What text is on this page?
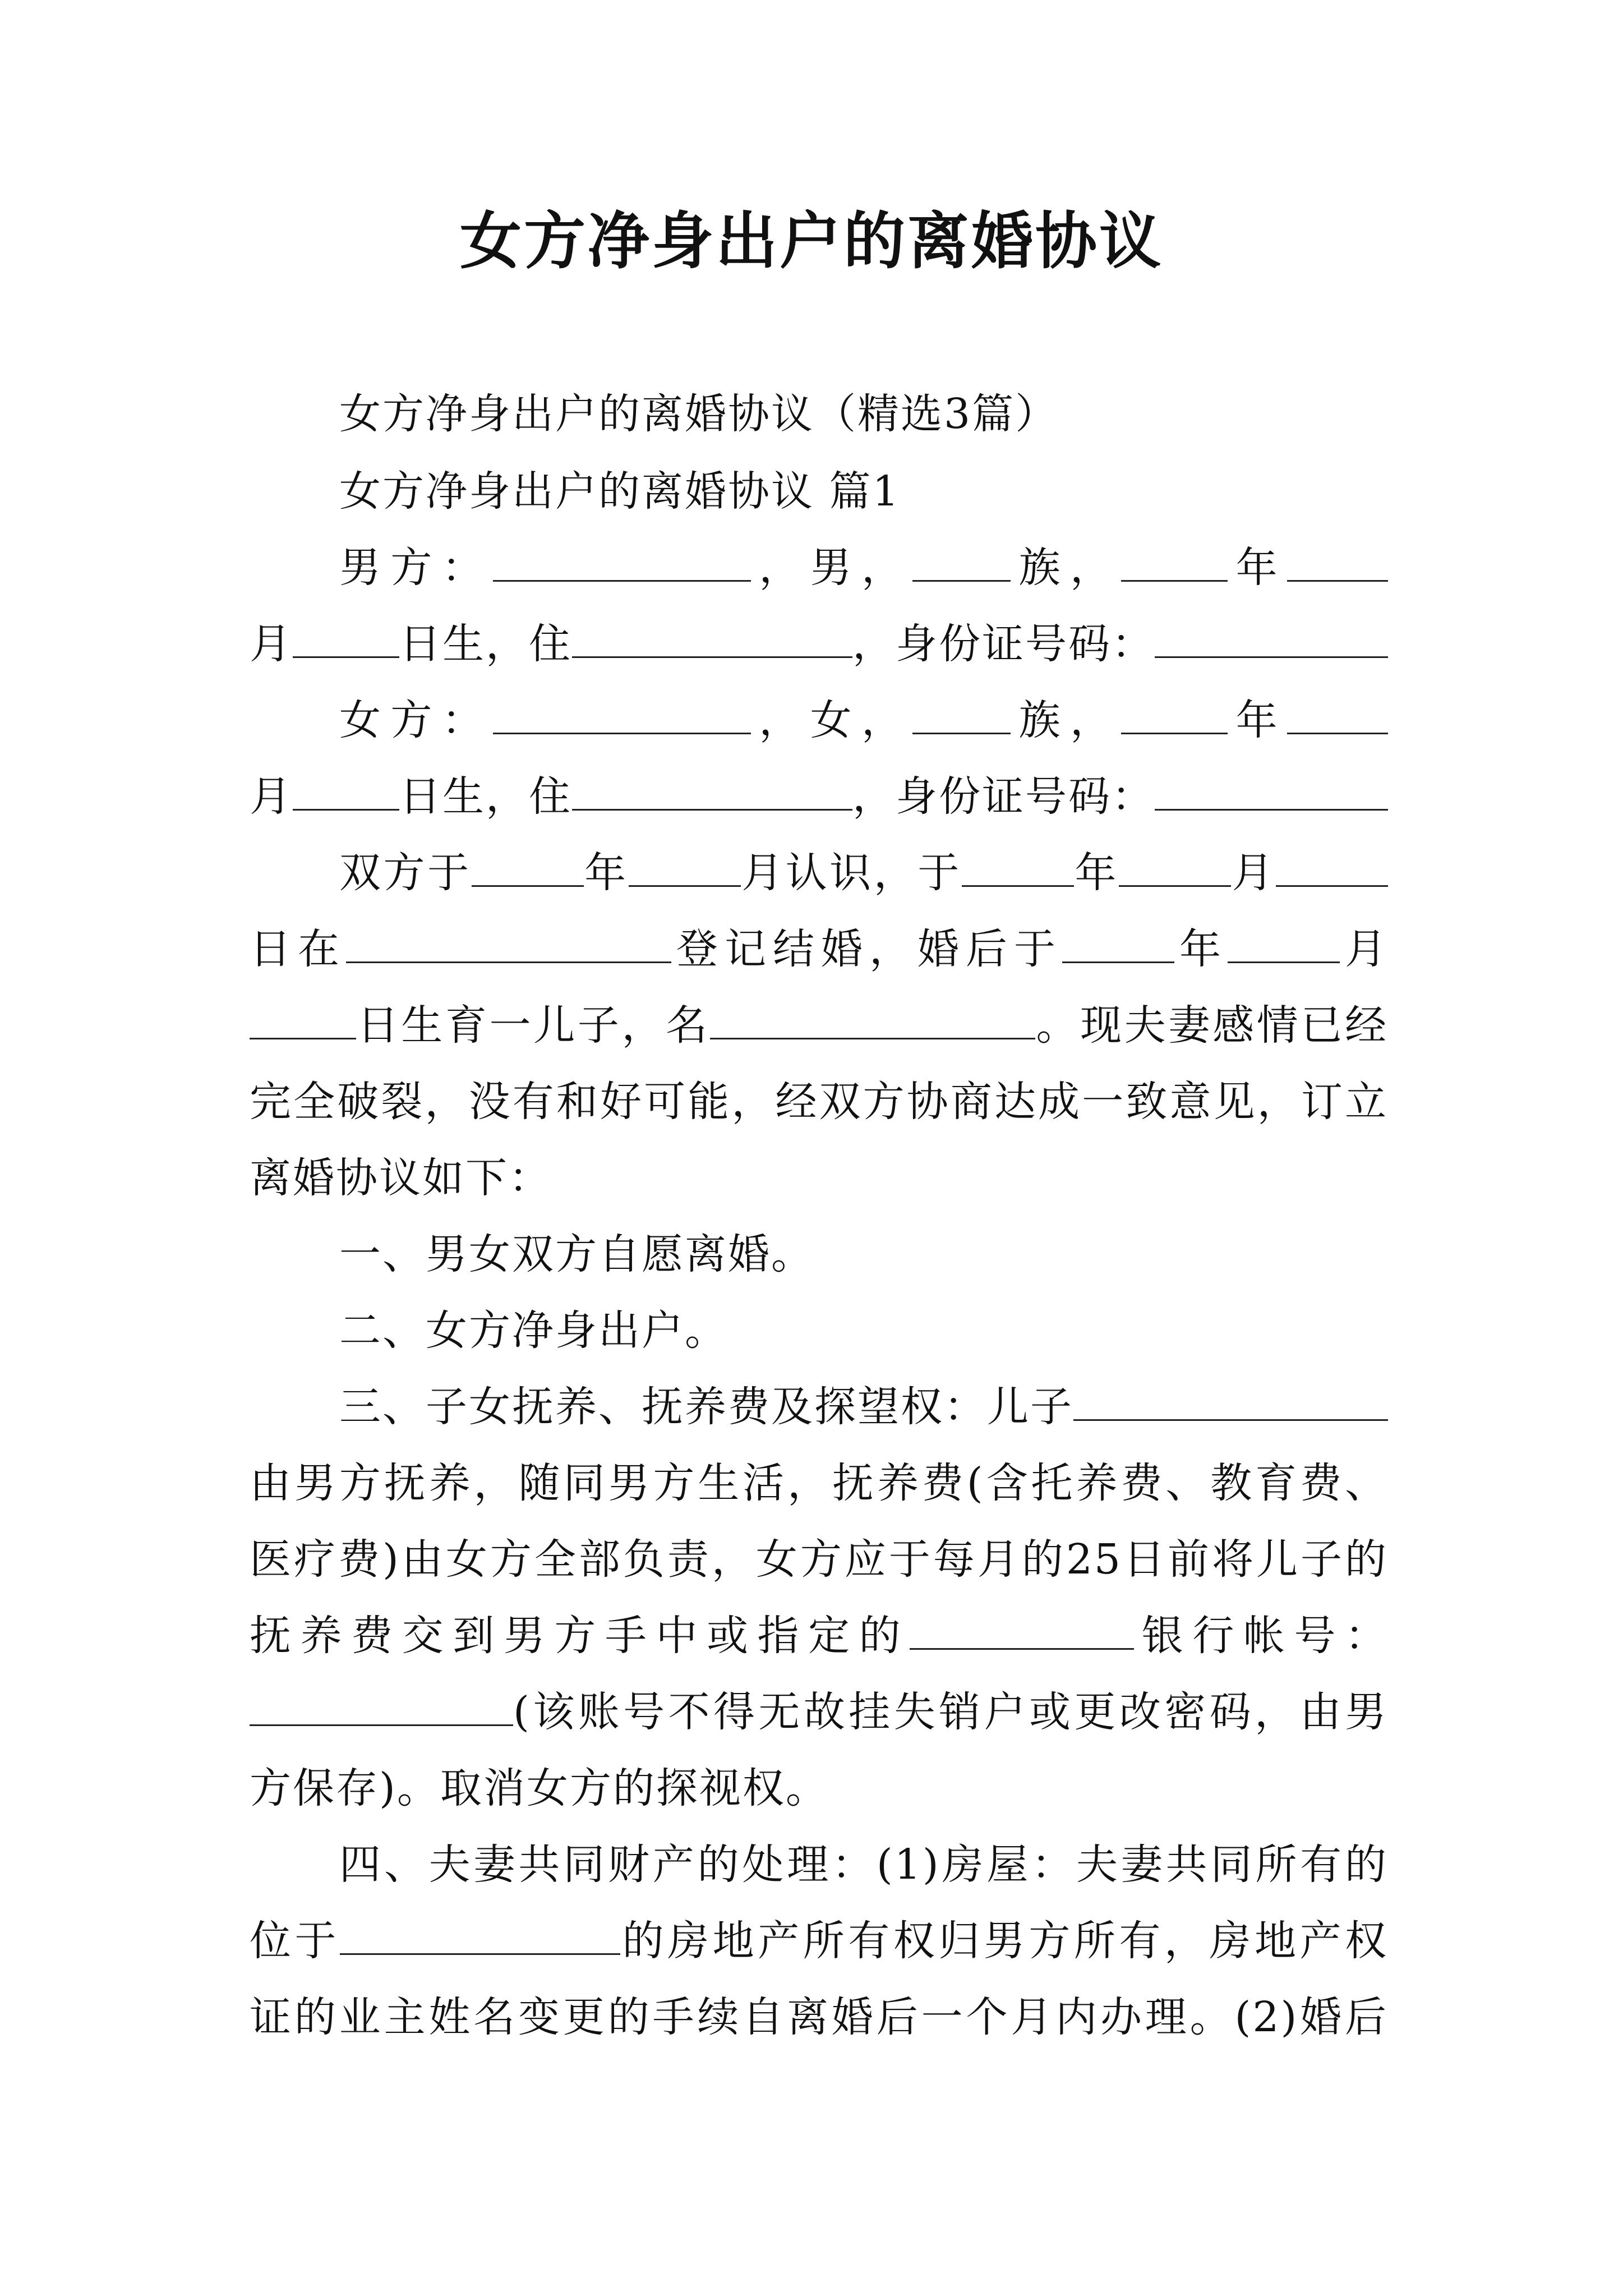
女方净身出户的离婚协议
女方净身出户的离婚协议（精选3篇）
女方净身出户的离婚协议 篇1
男方：	，男， 族，	年
月	日生，住	，身份证号码：
女方：	，女， 族，	年
月	日生，住	，身份证号码：
双方于	年	月认识，于	年	月
日在	登记结婚，婚后于	年	月
日生育一儿子，名	。现夫妻感情已经
完全破裂，没有和好可能，经双方协商达成一致意见，订立
离婚协议如下：
一、男女双方自愿离婚。
二、女方净身出户。
三、子女抚养、抚养费及探望权：儿子
由男方抚养，随同男方生活，抚养费(含托养费、教育费、
医疗费)由女方全部负责，女方应于每月的25日前将儿子的
抚养费交到男方手中或指定的	银行帐号：
(该账号不得无故挂失销户或更改密码，由男
方保存)。取消女方的探视权。
四、夫妻共同财产的处理：(1)房屋：夫妻共同所有的
位于	的房地产所有权归男方所有，房地产权
证的业主姓名变更的手续自离婚后一个月内办理。(2)婚后
